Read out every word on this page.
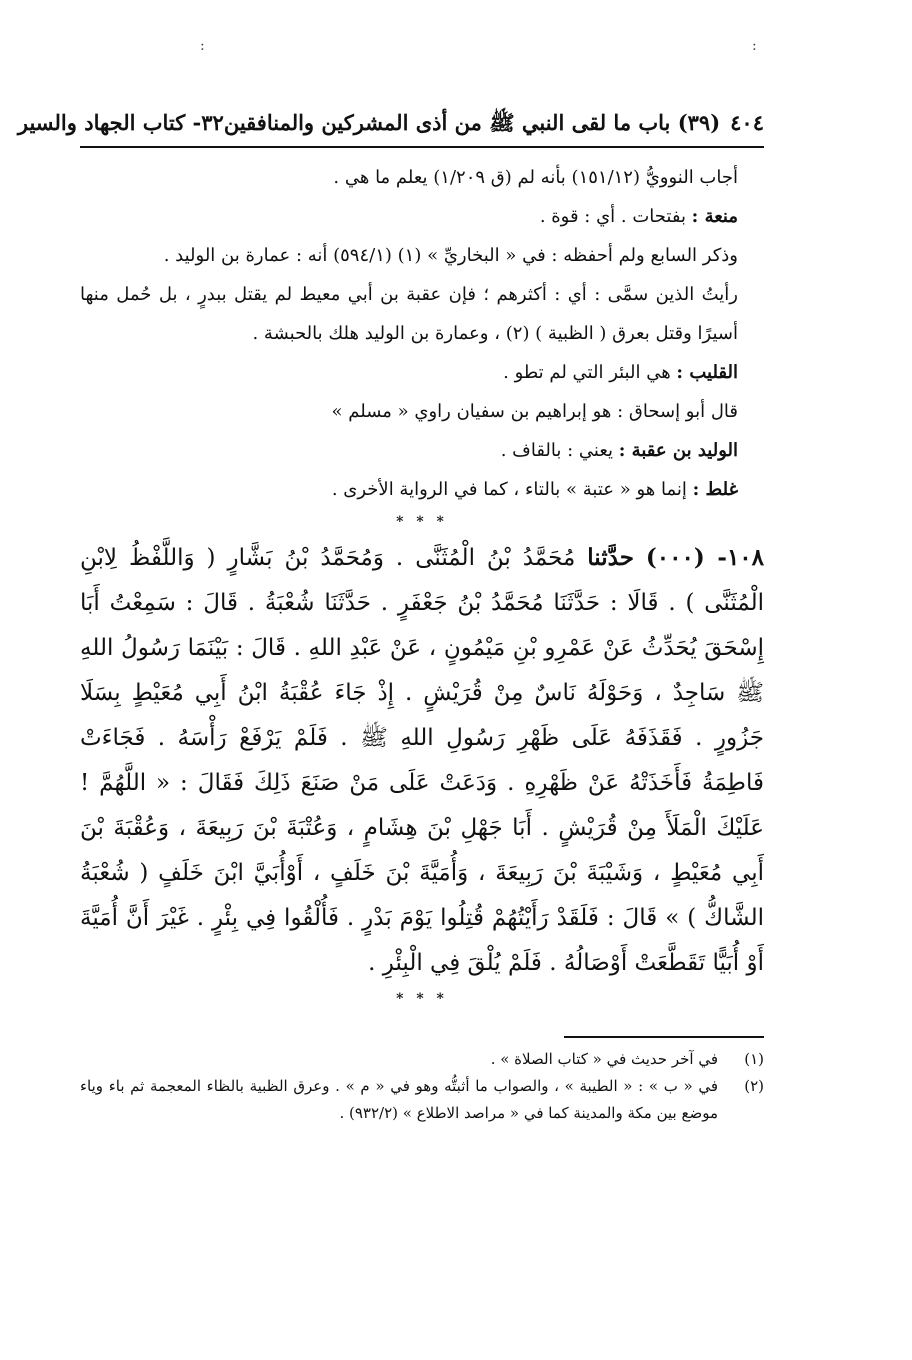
:	:
٤٠٤
(٣٩) باب ما لقى النبي ﷺ من أذى المشركين والمنافقين
٣٢- كتاب الجهاد والسير

أجاب النوويُّ (١٥١/١٢) بأنه لم (ق ١/٢٠٩) يعلم ما هي .

منعة : بفتحات . أي : قوة .

وذكر السابع ولم أحفظه : في « البخاريِّ » (١) (٥٩٤/١) أنه : عمارة بن الوليد .

رأيتُ الذين سمَّى : أي : أكثرهم ؛ فإن عقبة بن أبي معيط لم يقتل ببدرٍ ، بل حُمل منها أسيرًا وقتل بعرق ( الظبية ) (٢) ، وعمارة بن الوليد هلك بالحبشة .

القليب : هي البئر التي لم تطو .

قال أبو إسحاق : هو إبراهيم بن سفيان راوي « مسلم »

الوليد بن عقبة : يعني : بالقاف .

غلط : إنما هو « عتبة » بالتاء ، كما في الرواية الأخرى .

* * *

١٠٨- (٠٠٠) حدَّثنا مُحَمَّدُ بْنُ الْمُثَنَّى . وَمُحَمَّدُ بْنُ بَشَّارٍ ( وَاللَّفْظُ لِابْنِ الْمُثَنَّى ) . قَالَا : حَدَّثَنَا مُحَمَّدُ بْنُ جَعْفَرٍ . حَدَّثَنَا شُعْبَةُ . قَالَ : سَمِعْتُ أَبَا إِسْحَقَ يُحَدِّثُ عَنْ عَمْرِو بْنِ مَيْمُونٍ ، عَنْ عَبْدِ اللهِ . قَالَ : بَيْنَمَا رَسُولُ اللهِ ﷺ سَاجِدٌ ، وَحَوْلَهُ نَاسٌ مِنْ قُرَيْشٍ . إِذْ جَاءَ عُقْبَةُ ابْنُ أَبِي مُعَيْطٍ بِسَلَا جَزُورٍ . فَقَذَفَهُ عَلَى ظَهْرِ رَسُولِ اللهِ ﷺ . فَلَمْ يَرْفَعْ رَأْسَهُ . فَجَاءَتْ فَاطِمَةُ فَأَخَذَتْهُ عَنْ ظَهْرِهِ . وَدَعَتْ عَلَى مَنْ صَنَعَ ذَلِكَ فَقَالَ : « اللَّهُمَّ ! عَلَيْكَ الْمَلَأَ مِنْ قُرَيْشٍ . أَبَا جَهْلِ بْنَ هِشَامٍ ، وَعُتْبَةَ بْنَ رَبِيعَةَ ، وَعُقْبَةَ بْنَ أَبِي مُعَيْطٍ ، وَشَيْبَةَ بْنَ رَبِيعَةَ ، وَأُمَيَّةَ بْنَ خَلَفٍ ، أَوْأُبَيَّ ابْنَ خَلَفٍ ( شُعْبَةُ الشَّاكُّ ) » قَالَ : فَلَقَدْ رَأَيْتُهُمْ قُتِلُوا يَوْمَ بَدْرٍ . فَأُلْقُوا فِي بِئْرٍ . غَيْرَ أَنَّ أُمَيَّةَ أَوْ أُبَيًّا تَقَطَّعَتْ أَوْصَالُهُ . فَلَمْ يُلْقَ فِي الْبِئْرِ .

* * *
(١)
في آخر حديث في « كتاب الصلاة » .
(٢)
في « ب » : « الطيبة » ، والصواب ما أثبتُّه وهو في « م » . وعرق الظبية بالظاء المعجمة ثم باء وياء موضع بين مكة والمدينة كما في « مراصد الاطلاع » (٩٣٢/٢) .
